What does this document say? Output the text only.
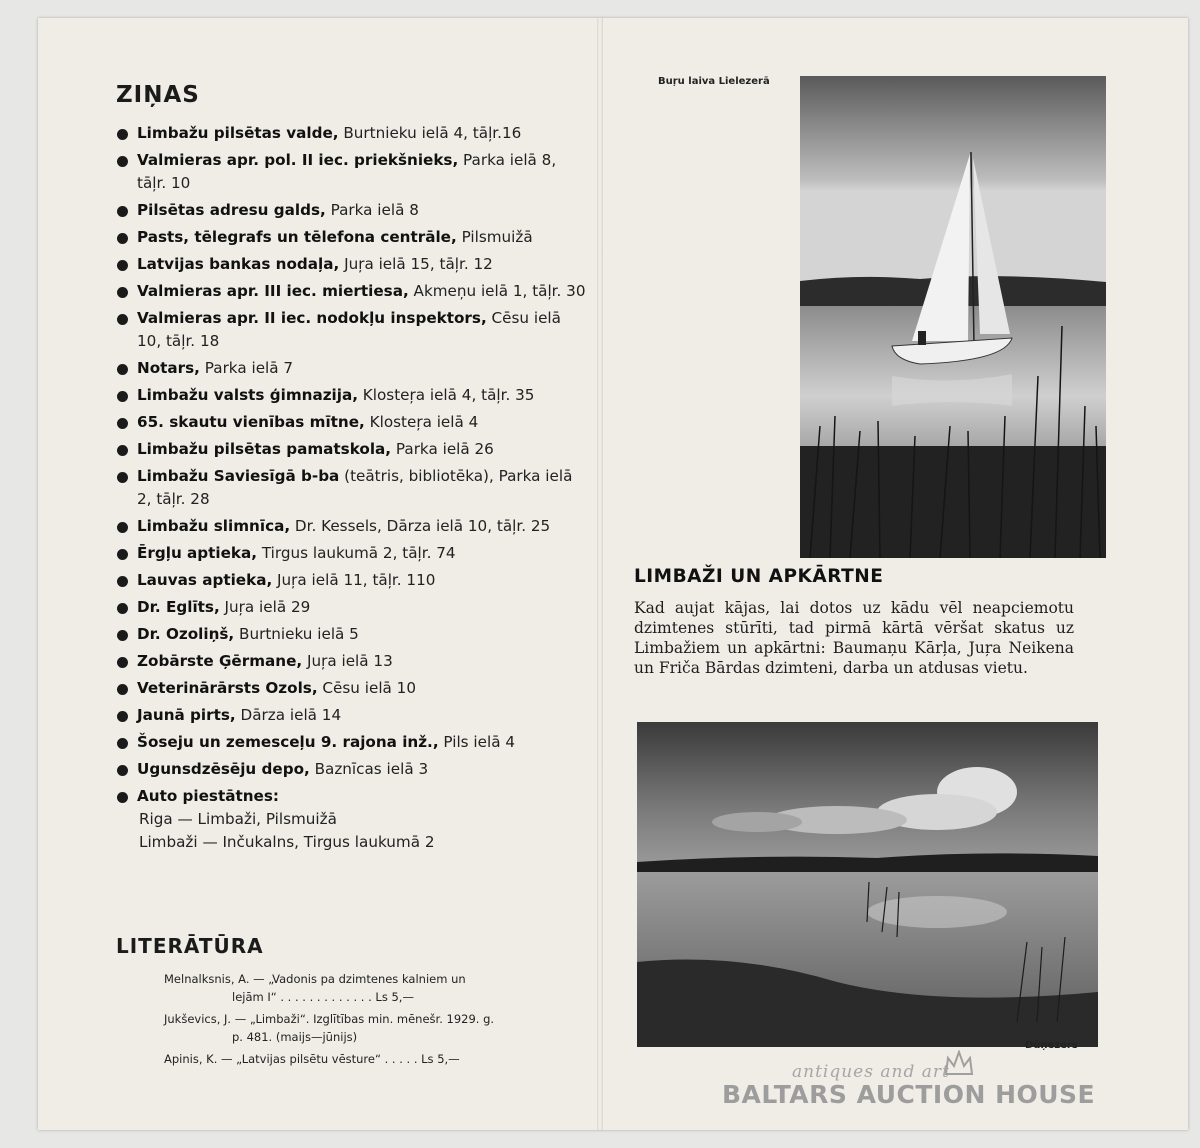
ZIŅAS
Limbažu pilsētas valde, Burtnieku ielā 4, tāļr.16
Valmieras apr. pol. II iec. priekšnieks, Parka ielā 8, tāļr. 10
Pilsētas adresu galds, Parka ielā 8
Pasts, tēlegrafs un tēlefona centrāle, Pilsmuižā
Latvijas bankas nodaļa, Juŗa ielā 15, tāļr. 12
Valmieras apr. III iec. miertiesa, Akmeņu ielā 1, tāļr. 30
Valmieras apr. II iec. nodokļu inspektors, Cēsu ielā 10, tāļr. 18
Notars, Parka ielā 7
Limbažu valsts ģimnazija, Klosteŗa ielā 4, tāļr. 35
65. skautu vienības mītne, Klosteŗa ielā 4
Limbažu pilsētas pamatskola, Parka ielā 26
Limbažu Saviesīgā b-ba (teātris, bibliotēka), Parka ielā 2, tāļr. 28
Limbažu slimnīca, Dr. Kessels, Dārza ielā 10, tāļr. 25
Ērgļu aptieka, Tirgus laukumā 2, tāļr. 74
Lauvas aptieka, Juŗa ielā 11, tāļr. 110
Dr. Eglīts, Juŗa ielā 29
Dr. Ozoliņš, Burtnieku ielā 5
Zobārste Ģērmane, Juŗa ielā 13
Veterinārārsts Ozols, Cēsu ielā 10
Jaunā pirts, Dārza ielā 14
Šoseju un zemesceļu 9. rajona inž., Pils ielā 4
Ugunsdzēsēju depo, Baznīcas ielā 3
Auto piestātnes:
Riga — Limbaži, Pilsmuižā
Limbaži — Inčukalns, Tirgus laukumā 2
LITERĀTŪRA
Melnalksnis, A. — „Vadonis pa dzimtenes kalniem un
lejām I“ . . . . . . . . . . . . . Ls 5,—
Jukševics, J. — „Limbaži“. Izglītības min. mēnešr. 1929. g.
p. 481. (maijs—jūnijs)
Apinis, K. — „Latvijas pilsētu vēsture“ . . . . . Ls 5,—
Buŗu laiva Lielezerā
LIMBAŽI UN APKĀRTNE

Kad aujat kājas, lai dotos uz kādu vēl neapciemotu dzimtenes stūrīti, tad pirmā kārtā vēršat skatus uz Limbažiem un apkārtni: Baumaņu Kārļa, Juŗa Neikena un Friča Bārdas dzimteni, darba un atdusas vietu.

Dūņezers
antiques and art
BALTARS AUCTION HOUSE
